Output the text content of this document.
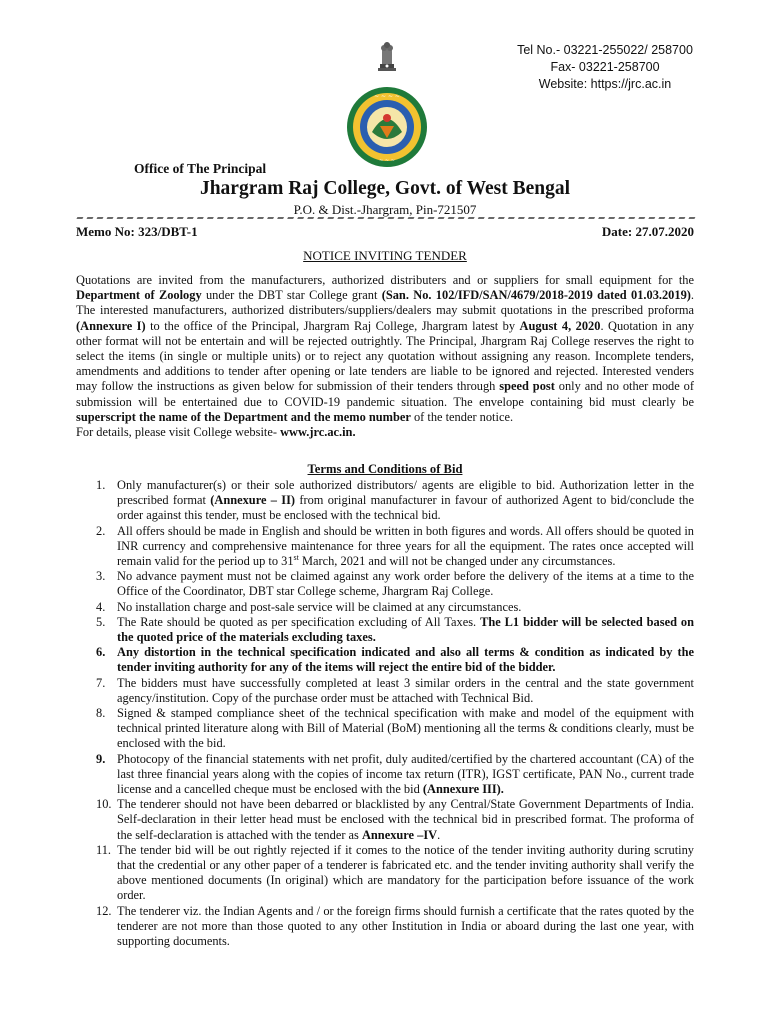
~ ~ ~ ~
~ ~ ~
Tel No.- 03221-255022/ 258700
Fax- 03221-258700
Website: https://jrc.ac.in
Office of The Principal
Jhargram Raj College, Govt. of West Bengal
P.O. & Dist.-Jhargram, Pin-721507
Memo No: 323/DBT-1	Date: 27.07.2020
NOTICE INVITING TENDER

Quotations are invited from the manufacturers, authorized distributers and or suppliers for small equipment for the Department of Zoology under the DBT star College grant (San. No. 102/IFD/SAN/4679/2018-2019 dated 01.03.2019). The interested manufacturers, authorized distributers/suppliers/dealers may submit quotations in the prescribed proforma (Annexure I) to the office of the Principal, Jhargram Raj College, Jhargram latest by August 4, 2020. Quotation in any other format will not be entertain and will be rejected outrightly. The Principal, Jhargram Raj College reserves the right to select the items (in single or multiple units) or to reject any quotation without assigning any reason. Incomplete tenders, amendments and additions to tender after opening or late tenders are liable to be ignored and rejected. Interested venders may follow the instructions as given below for submission of their tenders through speed post only and no other mode of submission will be entertained due to COVID-19 pandemic situation. The envelope containing bid must clearly be superscript the name of the Department and the memo number of the tender notice.

For details, please visit College website- www.jrc.ac.in.

Terms and Conditions of Bid
1. Only manufacturer(s) or their sole authorized distributors/ agents are eligible to bid. Authorization letter in the prescribed format (Annexure – II) from original manufacturer in favour of authorized Agent to bid/conclude the order against this tender, must be enclosed with the technical bid.
2. All offers should be made in English and should be written in both figures and words. All offers should be quoted in INR currency and comprehensive maintenance for three years for all the equipment. The rates once accepted will remain valid for the period up to 31st March, 2021 and will not be changed under any circumstances.
3. No advance payment must not be claimed against any work order before the delivery of the items at a time to the Office of the Coordinator, DBT star College scheme, Jhargram Raj College.
4. No installation charge and post-sale service will be claimed at any circumstances.
5. The Rate should be quoted as per specification excluding of All Taxes. The L1 bidder will be selected based on the quoted price of the materials excluding taxes.
6. Any distortion in the technical specification indicated and also all terms & condition as indicated by the tender inviting authority for any of the items will reject the entire bid of the bidder.
7. The bidders must have successfully completed at least 3 similar orders in the central and the state government agency/institution. Copy of the purchase order must be attached with Technical Bid.
8. Signed & stamped compliance sheet of the technical specification with make and model of the equipment with technical printed literature along with Bill of Material (BoM) mentioning all the terms & conditions clearly, must be enclosed with the bid.
9. Photocopy of the financial statements with net profit, duly audited/certified by the chartered accountant (CA) of the last three financial years along with the copies of income tax return (ITR), IGST certificate, PAN No., current trade license and a cancelled cheque must be enclosed with the bid (Annexure III).
10. The tenderer should not have been debarred or blacklisted by any Central/State Government Departments of India. Self-declaration in their letter head must be enclosed with the technical bid in prescribed format. The proforma of the self-declaration is attached with the tender as Annexure –IV.
11. The tender bid will be out rightly rejected if it comes to the notice of the tender inviting authority during scrutiny that the credential or any other paper of a tenderer is fabricated etc. and the tender inviting authority shall verify the above mentioned documents (In original) which are mandatory for the participation before issuance of the work order.
12. The tenderer viz. the Indian Agents and / or the foreign firms should furnish a certificate that the rates quoted by the tenderer are not more than those quoted to any other Institution in India or aboard during the last one year, with supporting documents.
